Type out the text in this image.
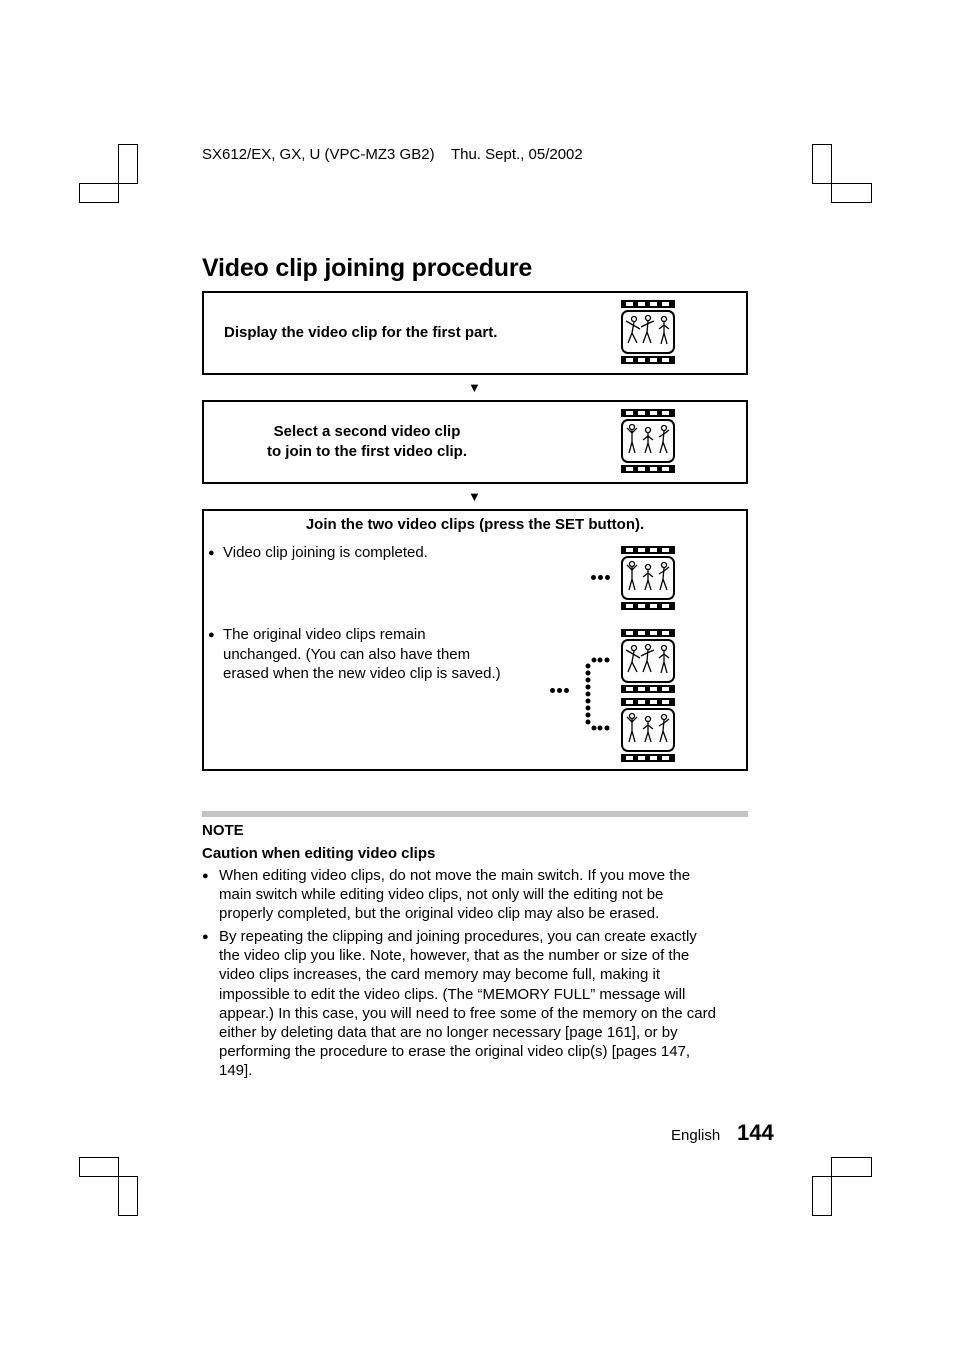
SX612/EX, GX, U (VPC-MZ3 GB2)    Thu. Sept., 05/2002
Video clip joining procedure
Display the video clip for the first part.
▼
Select a second video clip
to join to the first video clip.
▼
Join the two video clips (press the SET button).
● Video clip joining is completed.
● The original video clips remain
unchanged. (You can also have them
erased when the new video clip is saved.)
NOTE
Caution when editing video clips
● When editing video clips, do not move the main switch. If you move the
main switch while editing video clips, not only will the editing not be
properly completed, but the original video clip may also be erased.
● By repeating the clipping and joining procedures, you can create exactly
the video clip you like. Note, however, that as the number or size of the
video clips increases, the card memory may become full, making it
impossible to edit the video clips. (The “MEMORY FULL” message will
appear.) In this case, you will need to free some of the memory on the card
either by deleting data that are no longer necessary [page 161], or by
performing the procedure to erase the original video clip(s) [pages 147,
149].
English 144
